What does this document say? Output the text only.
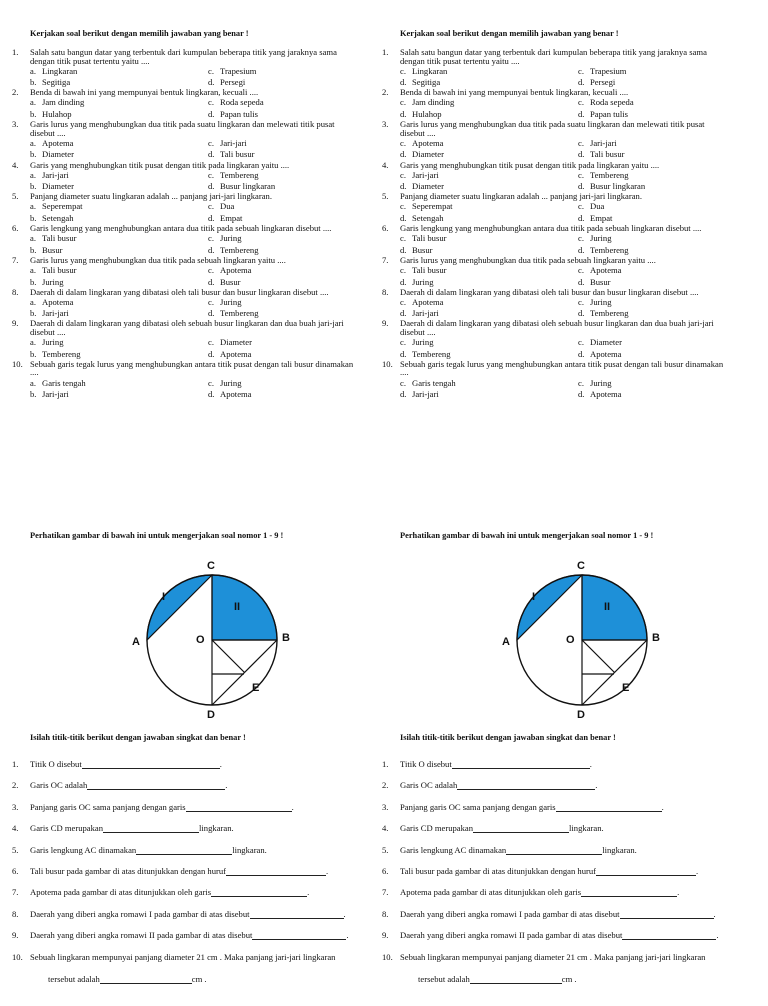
Kerjakan soal berikut dengan memilih jawaban yang benar !
1.	Salah satu bangun datar yang terbentuk dari kumpulan beberapa titik yang jaraknya sama
dengan titik pusat tertentu yaitu ....
a. Lingkaran	c. Trapesium
b. Segitiga	d. Persegi
2.	Benda di bawah ini yang mempunyai bentuk lingkaran, kecuali ....
a. Jam dinding	c. Roda sepeda
b. Hulahop	d. Papan tulis
3.	Garis lurus yang menghubungkan dua titik pada suatu lingkaran dan melewati titik pusat
disebut ....
a. Apotema	c. Jari-jari
b. Diameter	d. Tali busur
4.	Garis yang menghubungkan titik pusat dengan titik pada lingkaran yaitu ....
a. Jari-jari	c. Tembereng
b. Diameter	d. Busur lingkaran
5.	Panjang diameter suatu lingkaran adalah ... panjang jari-jari lingkaran.
a. Seperempat	c. Dua
b. Setengah	d. Empat
6.	Garis lengkung yang menghubungkan antara dua titik pada sebuah lingkaran disebut ....
a. Tali busur	c. Juring
b. Busur	d. Tembereng
7.	Garis lurus yang menghubungkan dua titik pada sebuah lingkaran yaitu ....
a. Tali busur	c. Apotema
b. Juring	d. Busur
8.	Daerah di dalam lingkaran yang dibatasi oleh tali busur dan busur lingkaran disebut ....
a. Apotema	c. Juring
b. Jari-jari	d. Tembereng
9.	Daerah di dalam lingkaran yang dibatasi oleh sebuah busur lingkaran dan dua buah jari-jari
disebut ....
a. Juring	c. Diameter
b. Tembereng	d. Apotema
10. Sebuah garis tegak lurus yang menghubungkan antara titik pusat dengan tali busur dinamakan
....
a. Garis tengah	c. Juring
b. Jari-jari	d. Apotema
Perhatikan gambar di bawah ini untuk mengerjakan soal nomor 1 - 9 !
A	B
C
D
O
E
I
II
Isilah titik-titik berikut dengan jawaban singkat dan benar !
1.	Titik O disebut	.
2.	Garis OC adalah	.
3.	Panjang garis OC sama panjang dengan garis	.
4.	Garis CD merupakan	lingkaran.
5.	Garis lengkung AC dinamakan	lingkaran.
6.	Tali busur pada gambar di atas ditunjukkan dengan huruf	.
7.	Apotema pada gambar di atas ditunjukkan oleh garis	.
8.	Daerah yang diberi angka romawi I pada gambar di atas disebut	.
9.	Daerah yang diberi angka romawi II pada gambar di atas disebut	.
10. Sebuah lingkaran mempunyai panjang diameter 21 cm . Maka panjang jari-jari lingkaran
tersebut adalah	cm .
Kerjakan soal berikut dengan memilih jawaban yang benar !
1.	Salah satu bangun datar yang terbentuk dari kumpulan beberapa titik yang jaraknya sama
dengan titik pusat tertentu yaitu ....
c. Lingkaran	c. Trapesium
d. Segitiga	d. Persegi
2.	Benda di bawah ini yang mempunyai bentuk lingkaran, kecuali ....
c. Jam dinding	c. Roda sepeda
d. Hulahop	d. Papan tulis
3.	Garis lurus yang menghubungkan dua titik pada suatu lingkaran dan melewati titik pusat
disebut ....
c. Apotema	c. Jari-jari
d. Diameter	d. Tali busur
4.	Garis yang menghubungkan titik pusat dengan titik pada lingkaran yaitu ....
c. Jari-jari	c. Tembereng
d. Diameter	d. Busur lingkaran
5.	Panjang diameter suatu lingkaran adalah ... panjang jari-jari lingkaran.
c. Seperempat	c. Dua
d. Setengah	d. Empat
6.	Garis lengkung yang menghubungkan antara dua titik pada sebuah lingkaran disebut ....
c. Tali busur	c. Juring
d. Busur	d. Tembereng
7.	Garis lurus yang menghubungkan dua titik pada sebuah lingkaran yaitu ....
c. Tali busur	c. Apotema
d. Juring	d. Busur
8.	Daerah di dalam lingkaran yang dibatasi oleh tali busur dan busur lingkaran disebut ....
c. Apotema	c. Juring
d. Jari-jari	d. Tembereng
9.	Daerah di dalam lingkaran yang dibatasi oleh sebuah busur lingkaran dan dua buah jari-jari
disebut ....
c. Juring	c. Diameter
d. Tembereng	d. Apotema
10. Sebuah garis tegak lurus yang menghubungkan antara titik pusat dengan tali busur dinamakan
....
c. Garis tengah	c. Juring
d. Jari-jari	d. Apotema
Perhatikan gambar di bawah ini untuk mengerjakan soal nomor 1 - 9 !
A	B
C
D
O
E
I
II
Isilah titik-titik berikut dengan jawaban singkat dan benar !
1.	Titik O disebut	.
2.	Garis OC adalah	.
3.	Panjang garis OC sama panjang dengan garis	.
4.	Garis CD merupakan	lingkaran.
5.	Garis lengkung AC dinamakan	lingkaran.
6.	Tali busur pada gambar di atas ditunjukkan dengan huruf	.
7.	Apotema pada gambar di atas ditunjukkan oleh garis	.
8.	Daerah yang diberi angka romawi I pada gambar di atas disebut	.
9.	Daerah yang diberi angka romawi II pada gambar di atas disebut	.
10. Sebuah lingkaran mempunyai panjang diameter 21 cm . Maka panjang jari-jari lingkaran
tersebut adalah	cm .
